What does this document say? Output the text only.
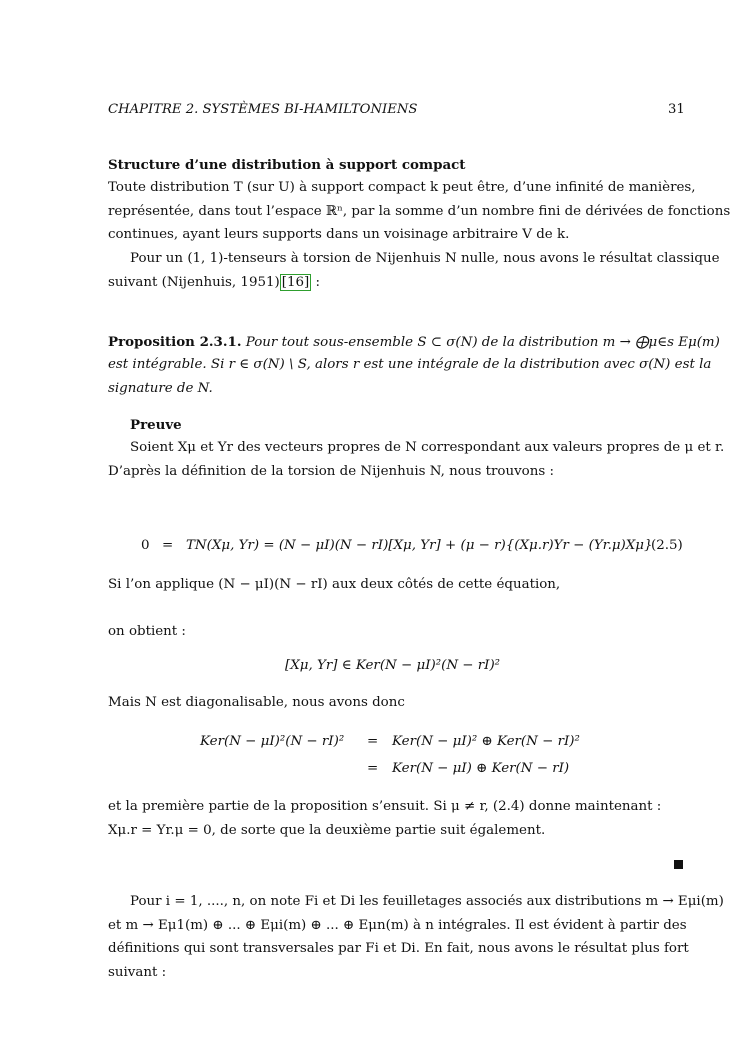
CHAPITRE 2. SYSTÈMES BI-HAMILTONIENS	31
Structure d’une distribution à support compact
Toute distribution T (sur U) à support compact k peut être, d’une infinité de manières,
représentée, dans tout l’espace ℝⁿ, par la somme d’un nombre fini de dérivées de fonctions
continues, ayant leurs supports dans un voisinage arbitraire V de k.
Pour un (1, 1)-tenseurs à torsion de Nijenhuis N nulle, nous avons le résultat classique
suivant (Nijenhuis, 1951) [16] :
Proposition 2.3.1. Pour tout sous-ensemble S ⊂ σ(N) de la distribution m → ⨁μ∈s Eμ(m)
est intégrable. Si r ∈ σ(N) \ S, alors r est une intégrale de la distribution avec σ(N) est la
signature de N.
Preuve
Soient Xμ et Yr des vecteurs propres de N correspondant aux valeurs propres de μ et r.
D’après la définition de la torsion de Nijenhuis N, nous trouvons :
0 = TN(Xμ, Yr) = (N − μI)(N − rI)[Xμ, Yr] + (μ − r){(Xμ.r)Yr − (Yr.μ)Xμ}
(2.5)
Si l’on applique (N − μI)(N − rI) aux deux côtés de cette équation,
on obtient :
[Xμ, Yr] ∈ Ker(N − μI)²(N − rI)²
Mais N est diagonalisable, nous avons donc
Ker(N − μI)²(N − rI)² = Ker(N − μI)² ⊕ Ker(N − rI)²
= Ker(N − μI) ⊕ Ker(N − rI)
et la première partie de la proposition s’ensuit. Si μ ≠ r, (2.4) donne maintenant :
Xμ.r = Yr.μ = 0, de sorte que la deuxième partie suit également.
Pour i = 1, ...., n, on note Fi et Di les feuilletages associés aux distributions m → Eμi(m)
et m → Eμ1(m) ⊕ ... ⊕ Eμi(m) ⊕ ... ⊕ Eμn(m) à n intégrales. Il est évident à partir des
définitions qui sont transversales par Fi et Di. En fait, nous avons le résultat plus fort
suivant :
